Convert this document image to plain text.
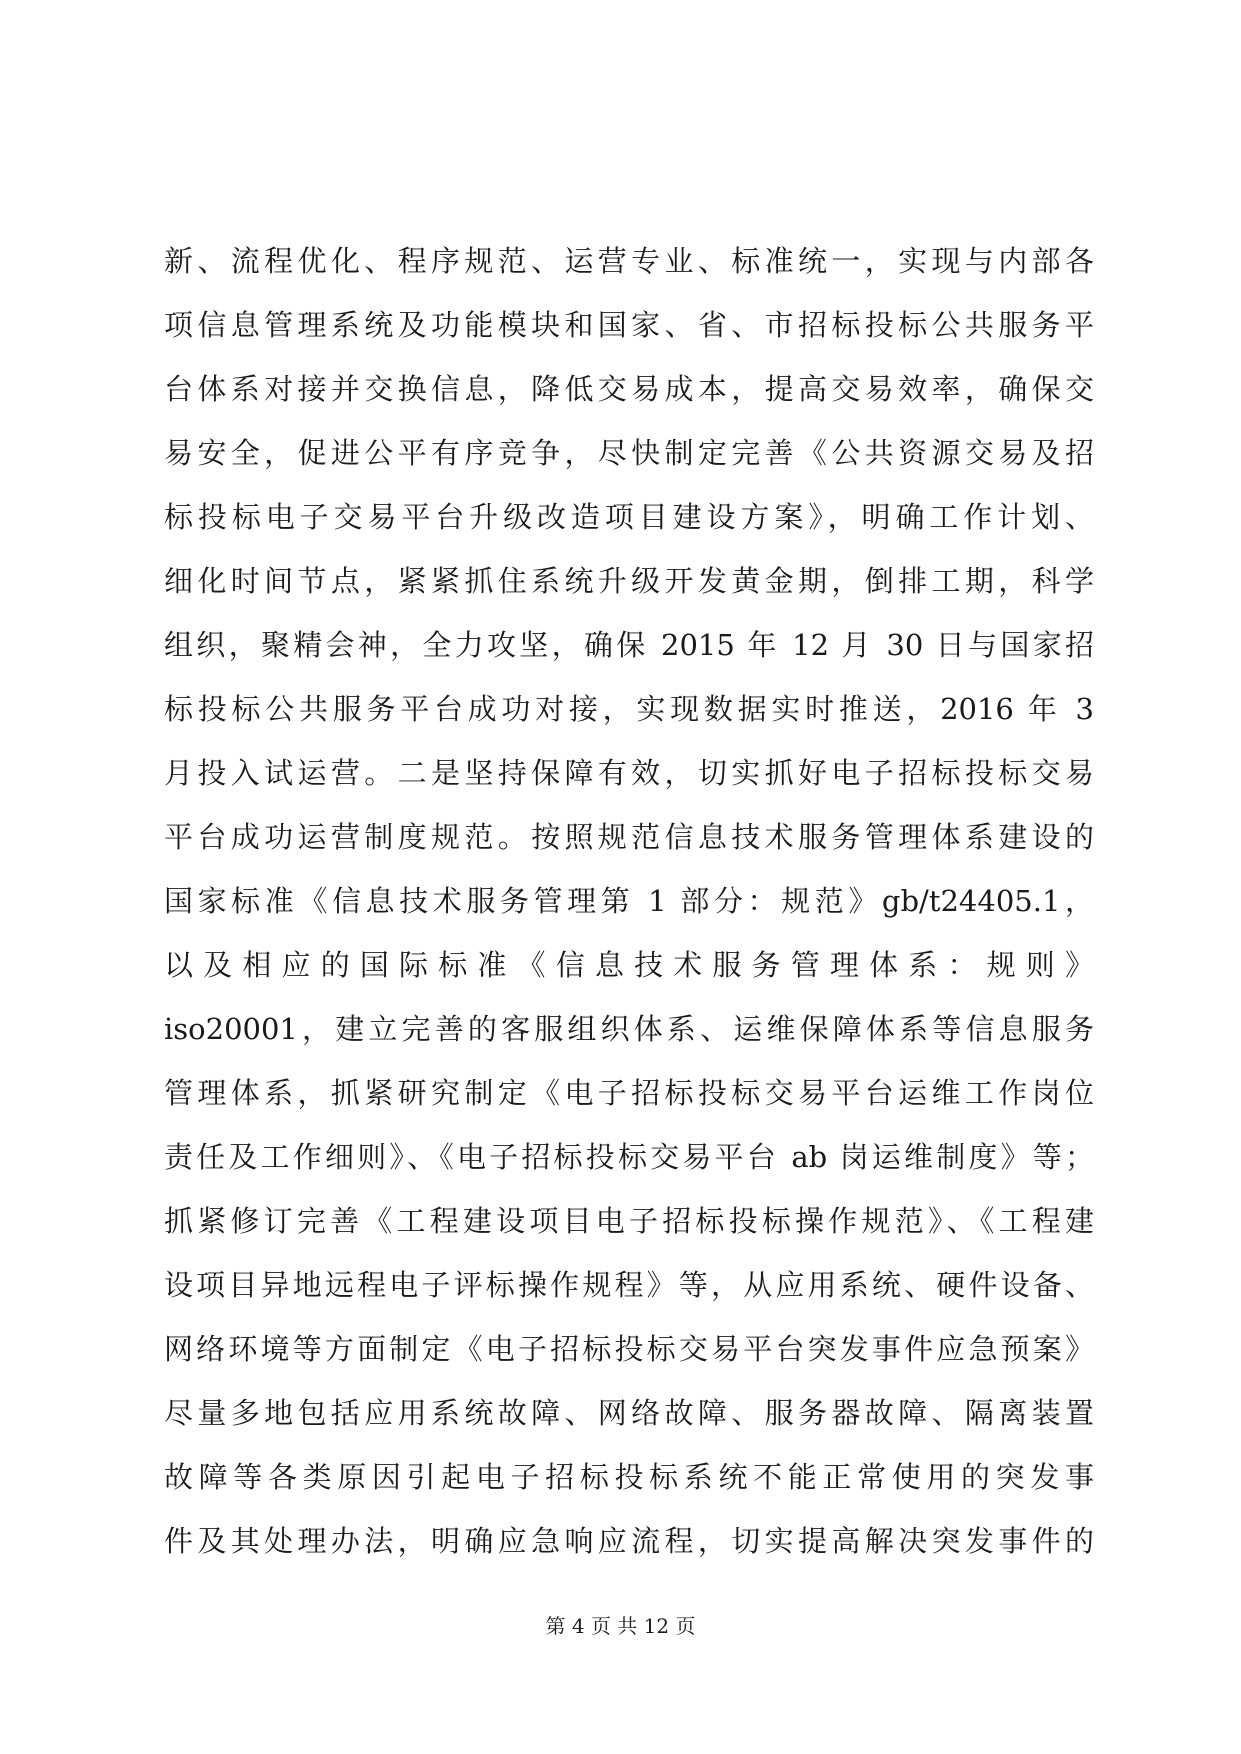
新、流程优化、程序规范、运营专业、标准统一，实现与内部各
项信息管理系统及功能模块和国家、省、市招标投标公共服务平
台体系对接并交换信息，降低交易成本，提高交易效率，确保交
易安全，促进公平有序竞争，尽快制定完善《公共资源交易及招
标投标电子交易平台升级改造项目建设方案》，明确工作计划、
细化时间节点，紧紧抓住系统升级开发黄金期，倒排工期，科学
组织，聚精会神，全力攻坚，确保 2015 年 12 月 30 日与国家招
标投标公共服务平台成功对接，实现数据实时推送，2016 年 3
月投入试运营。二是坚持保障有效，切实抓好电子招标投标交易
平台成功运营制度规范。按照规范信息技术服务管理体系建设的
国家标准《信息技术服务管理第 1 部分：规范》gb/t24405.1，
以及相应的国际标准《信息技术服务管理体系：规则》
iso20001，建立完善的客服组织体系、运维保障体系等信息服务
管理体系，抓紧研究制定《电子招标投标交易平台运维工作岗位
责任及工作细则》、《电子招标投标交易平台 ab 岗运维制度》等；
抓紧修订完善《工程建设项目电子招标投标操作规范》、《工程建
设项目异地远程电子评标操作规程》等，从应用系统、硬件设备、
网络环境等方面制定《电子招标投标交易平台突发事件应急预案》
尽量多地包括应用系统故障、网络故障、服务器故障、隔离装置
故障等各类原因引起电子招标投标系统不能正常使用的突发事
件及其处理办法，明确应急响应流程，切实提高解决突发事件的
第 4 页 共 12 页
